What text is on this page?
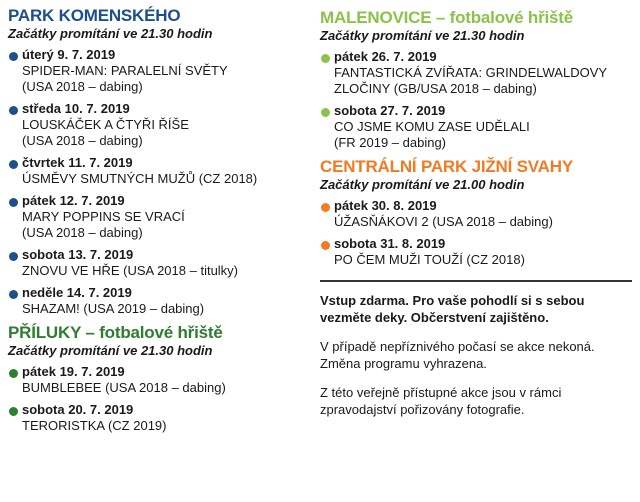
PARK KOMENSKÉHO
Začátky promítání ve 21.30 hodin
úterý 9. 7. 2019
SPIDER-MAN: PARALELNÍ SVĚTY
(USA 2018 – dabing)
středa 10. 7. 2019
LOUSKÁČEK A ČTYŘI ŘÍŠE
(USA 2018 – dabing)
čtvrtek 11. 7. 2019
ÚSMĚVY SMUTNÝCH MUŽŮ (CZ 2018)
pátek 12. 7. 2019
MARY POPPINS SE VRACÍ
(USA 2018 – dabing)
sobota 13. 7. 2019
ZNOVU VE HŘE (USA 2018 – titulky)
neděle 14. 7. 2019
SHAZAM! (USA 2019 – dabing)
PŘÍLUKY – fotbalové hřiště
Začátky promítání ve 21.30 hodin
pátek 19. 7. 2019
BUMBLEBEE (USA 2018 – dabing)
sobota 20. 7. 2019
TERORISTKA (CZ 2019)
MALENOVICE – fotbalové hřiště
Začátky promítání ve 21.30 hodin
pátek 26. 7. 2019
FANTASTICKÁ ZVÍŘATA: GRINDELWALDOVY
ZLOČINY (GB/USA 2018 – dabing)
sobota 27. 7. 2019
CO JSME KOMU ZASE UDĚLALI
(FR 2019 – dabing)
CENTRÁLNÍ PARK JIŽNÍ SVAHY
Začátky promítání ve 21.00 hodin
pátek 30. 8. 2019
ÚŽASŇÁKOVI 2 (USA 2018 – dabing)
sobota 31. 8. 2019
PO ČEM MUŽI TOUŽÍ (CZ 2018)
Vstup zdarma. Pro vaše pohodlí si s sebou vezměte deky. Občerstvení zajištěno.
V případě nepříznivého počasí se akce nekoná. Změna programu vyhrazena.
Z této veřejně přístupné akce jsou v rámci zpravodajství pořizovány fotografie.
